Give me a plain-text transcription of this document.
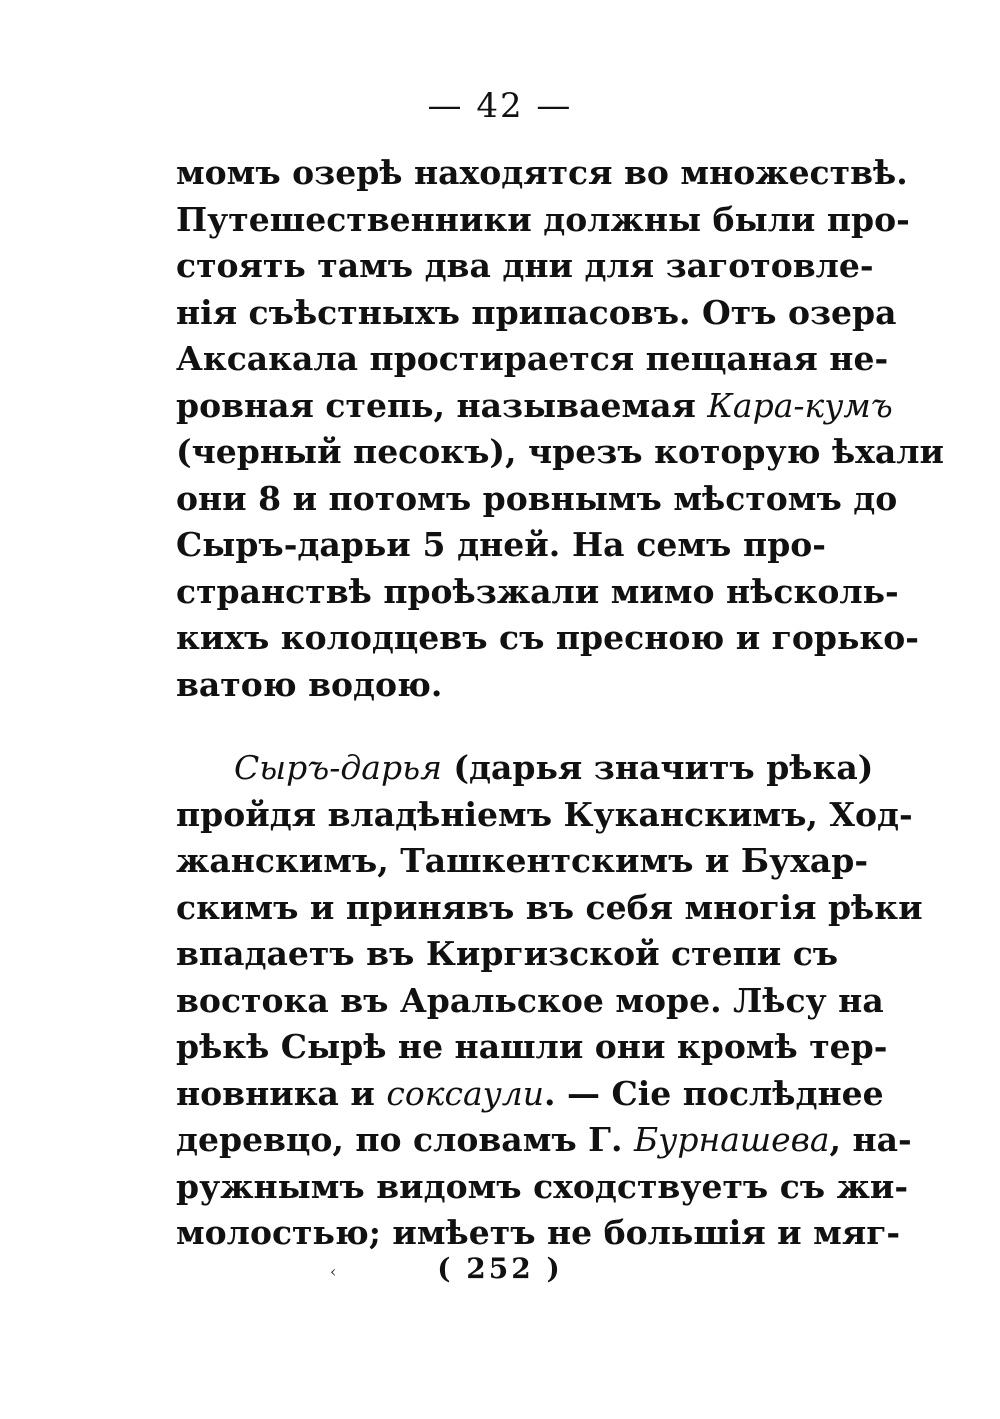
— 42 —
момъ озерѣ находятся во множествѣ.
Путешественники должны были про-
стоять тамъ два дни для заготовле-
нія съѣстныхъ припасовъ. Отъ озера
Аксакала простирается пещаная не-
ровная степь, называемая Кара-кумъ
(черный песокъ), чрезъ которую ѣхали
они 8 и потомъ ровнымъ мѣстомъ до
Сыръ-дарьи 5 дней. На семъ про-
странствѣ проѣзжали мимо нѣсколь-
кихъ колодцевъ съ пресною и горько-
ватою водою.
Сыръ-дарья (дарья значитъ рѣка)
пройдя владѣніемъ Куканскимъ, Ход-
жанскимъ, Ташкентскимъ и Бухар-
скимъ и принявъ въ себя многія рѣки
впадаетъ въ Киргизской степи съ
востока въ Аральское море. Лѣсу на
рѣкѣ Сырѣ не нашли они кромѣ тер-
новника и соксаули. — Сіе послѣднее
деревцо, по словамъ Г. Бурнашева, на-
ружнымъ видомъ сходствуетъ съ жи-
молостью; имѣетъ не большія и мяг-
‹	( 252 )
